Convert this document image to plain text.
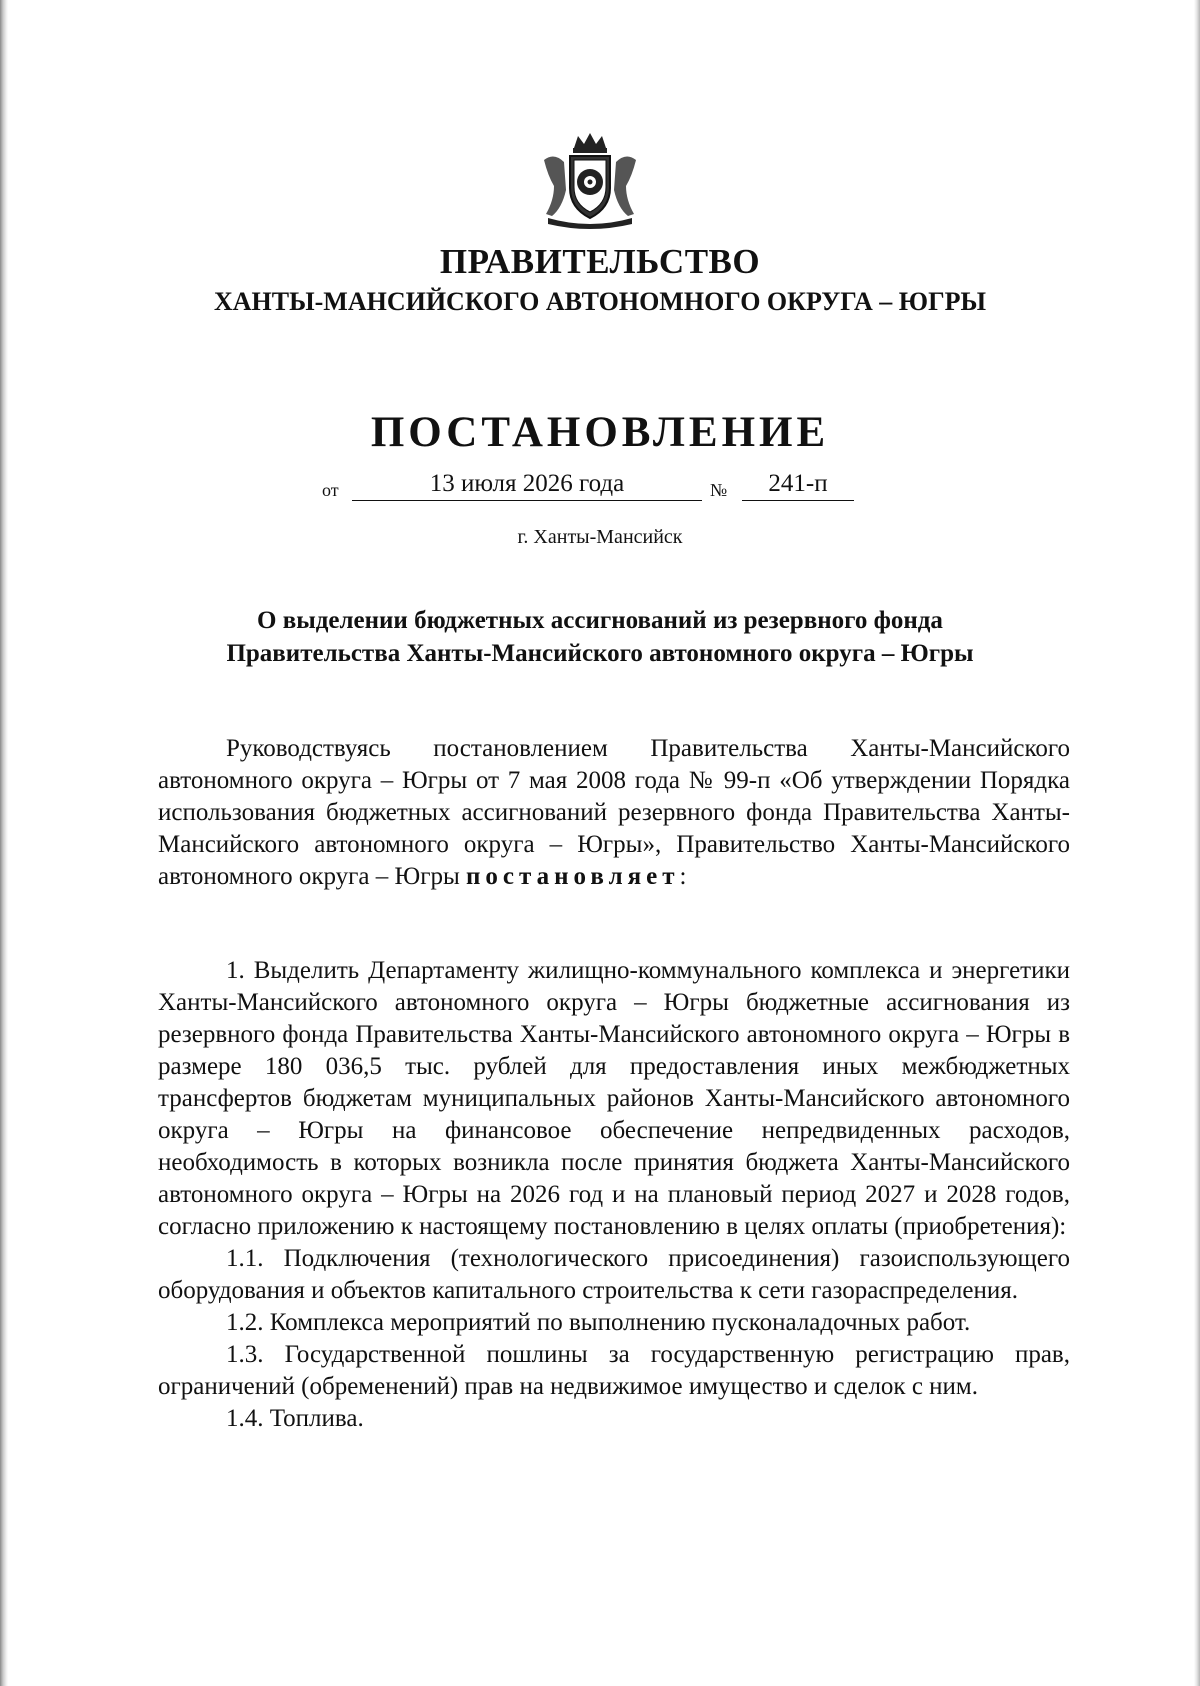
ПРАВИТЕЛЬСТВО
ХАНТЫ-МАНСИЙСКОГО АВТОНОМНОГО ОКРУГА – ЮГРЫ
ПОСТАНОВЛЕНИЕ
от	13 июля 2026 года	№	241-п
г. Ханты-Мансийск
О выделении бюджетных ассигнований из резервного фонда
Правительства Ханты-Мансийского автономного округа – Югры

Руководствуясь постановлением Правительства Ханты-Мансийского автономного округа – Югры от 7 мая 2008 года № 99-п «Об утверждении Порядка использования бюджетных ассигнований резервного фонда Правительства Ханты-Мансийского автономного округа – Югры», Правительство Ханты-Мансийского автономного округа – Югры постановляет:

1. Выделить Департаменту жилищно-коммунального комплекса и энергетики Ханты-Мансийского автономного округа – Югры бюджетные ассигнования из резервного фонда Правительства Ханты-Мансийского автономного округа – Югры в размере 180 036,5 тыс. рублей для предоставления иных межбюджетных трансфертов бюджетам муниципальных районов Ханты-Мансийского автономного округа – Югры на финансовое обеспечение непредвиденных расходов, необходимость в которых возникла после принятия бюджета Ханты-Мансийского автономного округа – Югры на 2026 год и на плановый период 2027 и 2028 годов, согласно приложению к настоящему постановлению в целях оплаты (приобретения):

1.1. Подключения (технологического присоединения) газоиспользующего оборудования и объектов капитального строительства к сети газораспределения.

1.2. Комплекса мероприятий по выполнению пусконаладочных работ.

1.3. Государственной пошлины за государственную регистрацию прав, ограничений (обременений) прав на недвижимое имущество и сделок с ним.

1.4. Топлива.
